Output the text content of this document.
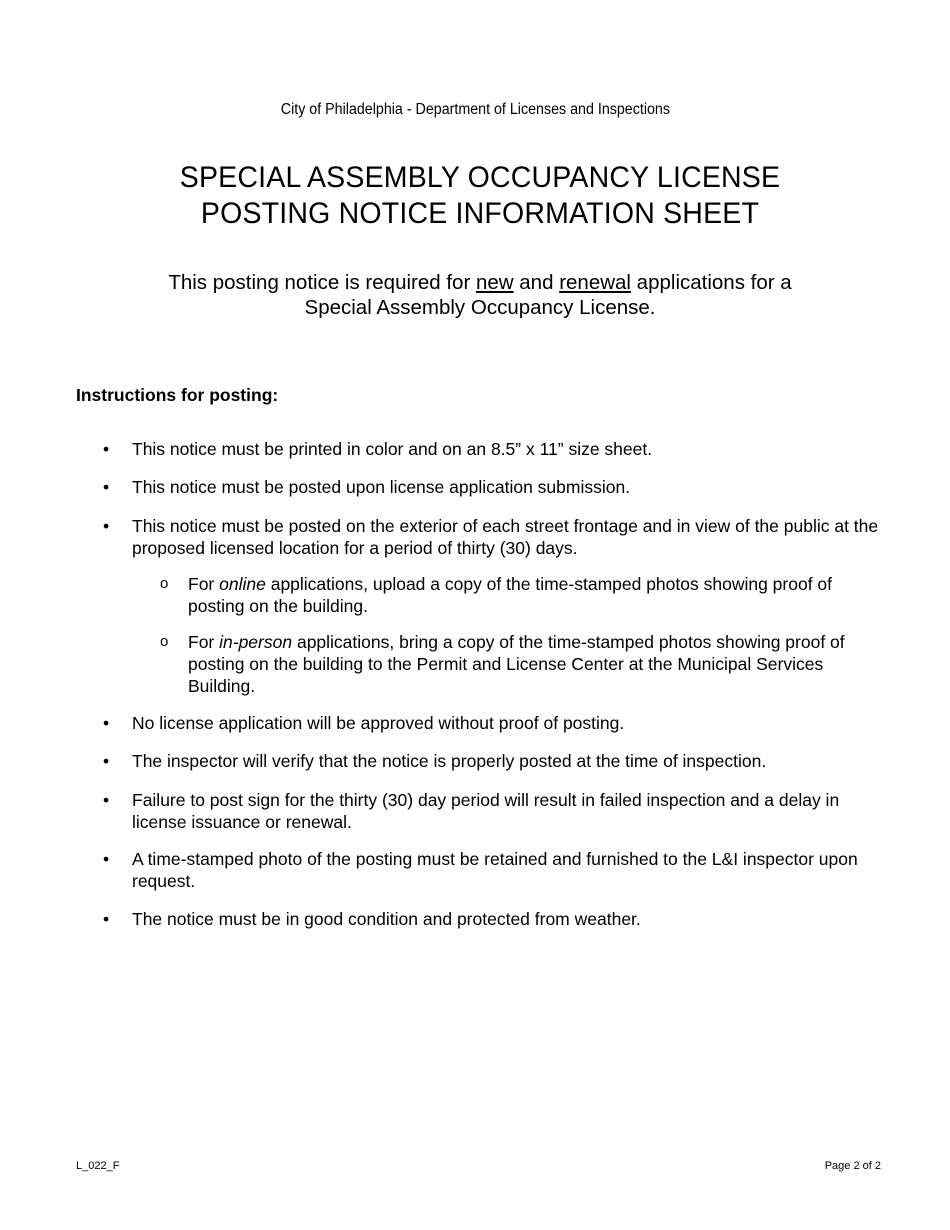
City of Philadelphia - Department of Licenses and Inspections
SPECIAL ASSEMBLY OCCUPANCY LICENSE
POSTING NOTICE INFORMATION SHEET
This posting notice is required for new and renewal applications for a
Special Assembly Occupancy License.
Instructions for posting:
• This notice must be printed in color and on an 8.5” x 11” size sheet.
• This notice must be posted upon license application submission.
• This notice must be posted on the exterior of each street frontage and in view of the public at the proposed licensed location for a period of thirty (30) days.
o For online applications, upload a copy of the time-stamped photos showing proof of posting on the building.
o For in-person applications, bring a copy of the time-stamped photos showing proof of posting on the building to the Permit and License Center at the Municipal Services Building.
• No license application will be approved without proof of posting.
• The inspector will verify that the notice is properly posted at the time of inspection.
• Failure to post sign for the thirty (30) day period will result in failed inspection and a delay in license issuance or renewal.
• A time-stamped photo of the posting must be retained and furnished to the L&I inspector upon request.
• The notice must be in good condition and protected from weather.
L_022_F	Page 2 of 2
